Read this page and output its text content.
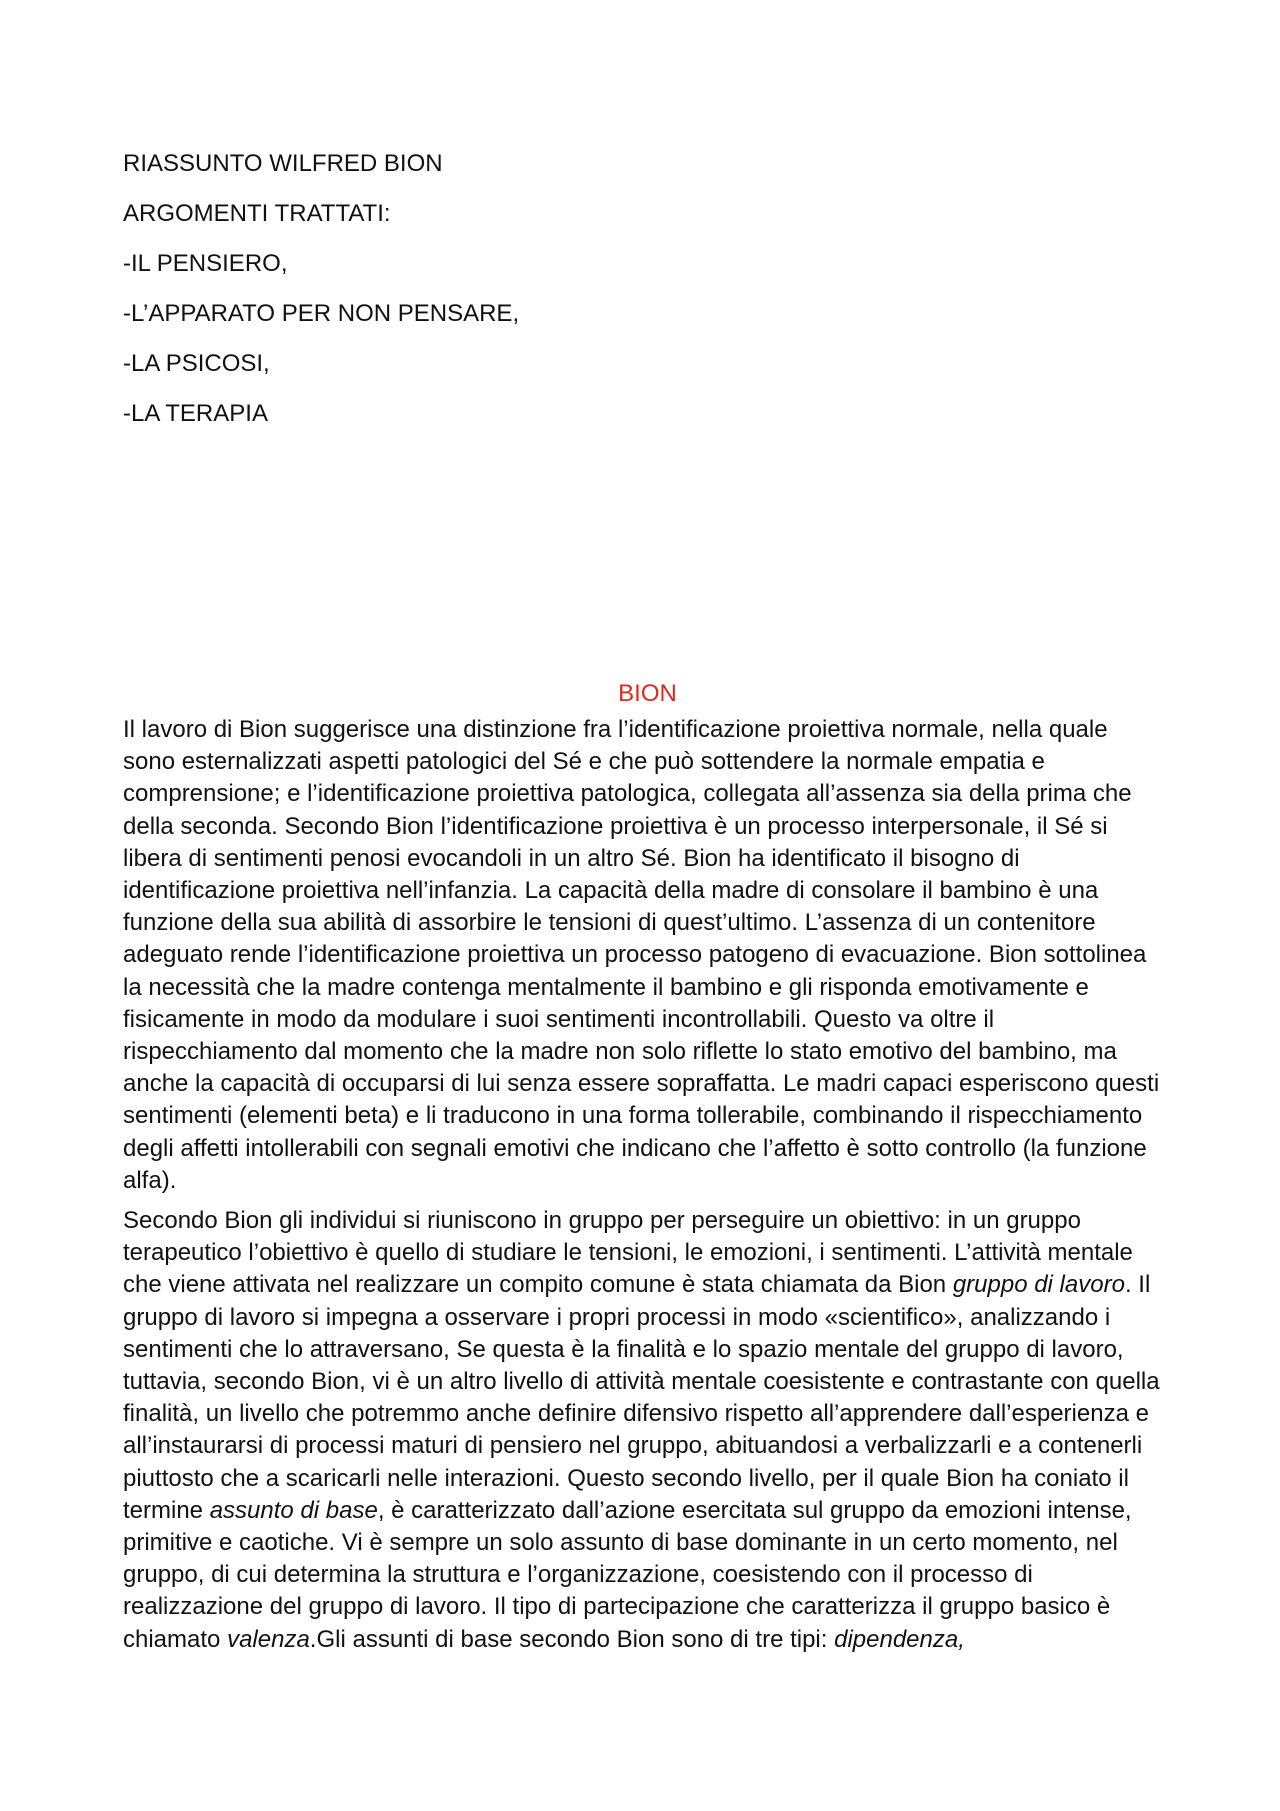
RIASSUNTO WILFRED BION
ARGOMENTI TRATTATI:
-IL PENSIERO,
-L’APPARATO PER NON PENSARE,
-LA PSICOSI,
-LA TERAPIA
BION

Il lavoro di Bion suggerisce una distinzione fra l’identificazione proiettiva normale, nella quale sono esternalizzati aspetti patologici del Sé e che può sottendere la normale empatia e comprensione; e l’identificazione proiettiva patologica, collegata all’assenza sia della prima che della seconda. Secondo Bion l’identificazione proiettiva è un processo interpersonale, il Sé si libera di sentimenti penosi evocandoli in un altro Sé. Bion ha identificato il bisogno di identificazione proiettiva nell’infanzia. La capacità della madre di consolare il bambino è una funzione della sua abilità di assorbire le tensioni di quest’ultimo. L’assenza di un contenitore adeguato rende l’identificazione proiettiva un processo patogeno di evacuazione. Bion sottolinea la necessità che la madre contenga mentalmente il bambino e gli risponda emotivamente e fisicamente in modo da modulare i suoi sentimenti incontrollabili. Questo va oltre il rispecchiamento dal momento che la madre non solo riflette lo stato emotivo del bambino, ma anche la capacità di occuparsi di lui senza essere sopraffatta. Le madri capaci esperiscono questi sentimenti (elementi beta) e li traducono in una forma tollerabile, combinando il rispecchiamento degli affetti intollerabili con segnali emotivi che indicano che l’affetto è sotto controllo (la funzione alfa).

Secondo Bion gli individui si riuniscono in gruppo per perseguire un obiettivo: in un gruppo terapeutico l’obiettivo è quello di studiare le tensioni, le emozioni, i sentimenti. L’attività mentale che viene attivata nel realizzare un compito comune è stata chiamata da Bion gruppo di lavoro. Il gruppo di lavoro si impegna a osservare i propri processi in modo «scientifico», analizzando i sentimenti che lo attraversano, Se questa è la finalità e lo spazio mentale del gruppo di lavoro, tuttavia, secondo Bion, vi è un altro livello di attività mentale coesistente e contrastante con quella finalità, un livello che potremmo anche definire difensivo rispetto all’apprendere dall’esperienza e all’instaurarsi di processi maturi di pensiero nel gruppo, abituandosi a verbalizzarli e a contenerli piuttosto che a scaricarli nelle interazioni. Questo secondo livello, per il quale Bion ha coniato il termine assunto di base, è caratterizzato dall’azione esercitata sul gruppo da emozioni intense, primitive e caotiche. Vi è sempre un solo assunto di base dominante in un certo momento, nel gruppo, di cui determina la struttura e l’organizzazione, coesistendo con il processo di realizzazione del gruppo di lavoro. Il tipo di partecipazione che caratterizza il gruppo basico è chiamato valenza.Gli assunti di base secondo Bion sono di tre tipi: dipendenza,
